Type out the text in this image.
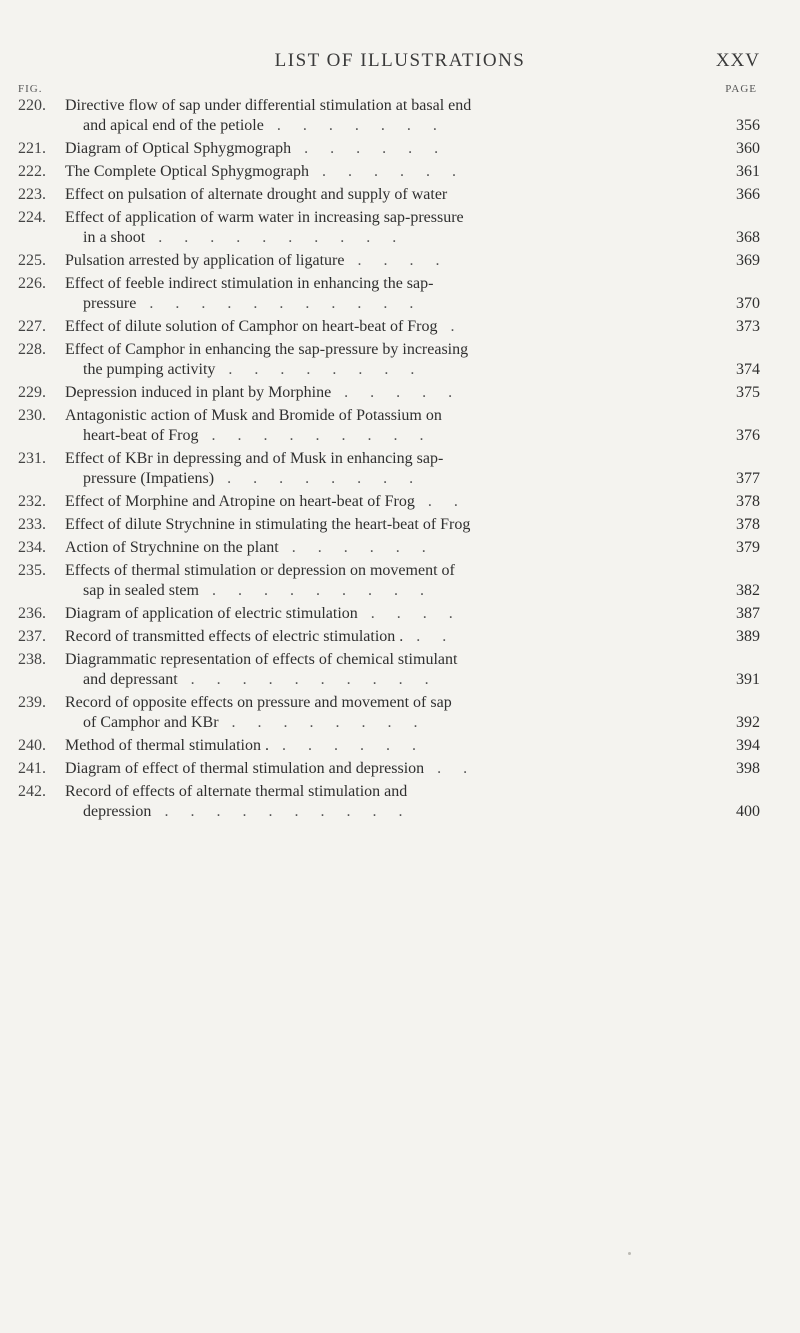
LIST OF ILLUSTRATIONS	XXV
FIG.	PAGE
220. Directive flow of sap under differential stimulation at basal end
and apical end of the petiole . . . . . . .	356
221. Diagram of Optical Sphygmograph . . . . . .	360
222. The Complete Optical Sphygmograph . . . . . .	361
223. Effect on pulsation of alternate drought and supply of water	366
224. Effect of application of warm water in increasing sap-pressure
in a shoot . . . . . . . . . .	368
225. Pulsation arrested by application of ligature . . . .	369
226. Effect of feeble indirect stimulation in enhancing the sap-
pressure . . . . . . . . . . .	370
227. Effect of dilute solution of Camphor on heart-beat of Frog .	373
228. Effect of Camphor in enhancing the sap-pressure by increasing
the pumping activity . . . . . . . .	374
229. Depression induced in plant by Morphine . . . . .	375
230. Antagonistic action of Musk and Bromide of Potassium on
heart-beat of Frog . . . . . . . . .	376
231. Effect of KBr in depressing and of Musk in enhancing sap-
pressure (Impatiens) . . . . . . . .	377
232. Effect of Morphine and Atropine on heart-beat of Frog . .	378
233. Effect of dilute Strychnine in stimulating the heart-beat of Frog	378
234. Action of Strychnine on the plant . . . . . .	379
235. Effects of thermal stimulation or depression on movement of
sap in sealed stem . . . . . . . . .	382
236. Diagram of application of electric stimulation . . . .	387
237. Record of transmitted effects of electric stimulation . . .	389
238. Diagrammatic representation of effects of chemical stimulant
and depressant . . . . . . . . . .	391
239. Record of opposite effects on pressure and movement of sap
of Camphor and KBr . . . . . . . .	392
240. Method of thermal stimulation . . . . . . .	394
241. Diagram of effect of thermal stimulation and depression . .	398
242. Record of effects of alternate thermal stimulation and
depression . . . . . . . . . .	400
